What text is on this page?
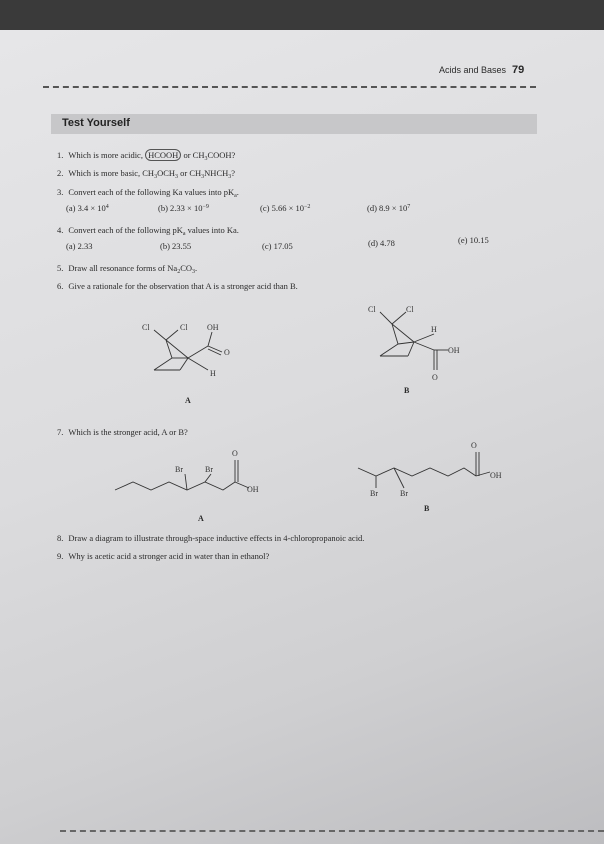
Acids and Bases 79
Test Yourself
1. Which is more acidic, HCOOH or $CH_3COOH$?
2. Which is more basic, $CH_3OCH_3$ or $CH_3NHCH_3$?
3. Convert each of the following Ka values into $pK_a$.
(a) $3.4 \times 10^4$	(b) $2.33 \times 10^{-9}$	(c) $5.66 \times 10^{-2}$	(d) $8.9 \times 10^7$
4. Convert each of the following $pK_a$ values into Ka.
(a) 2.33	(b) 23.55	(c) 17.05	(d) 4.78	(e) 10.15
5. Draw all resonance forms of $Na_2CO_3$.
6. Give a rationale for the observation that A is a stronger acid than B.
Cl	Cl OH
O
H
A
Cl	Cl
H
OH
O
B
7. Which is the stronger acid, A or B?
Br	Br
O
OH
A
O
OH
Br	Br
B
8. Draw a diagram to illustrate through-space inductive effects in 4-chloropropanoic acid.
9. Why is acetic acid a stronger acid in water than in ethanol?
